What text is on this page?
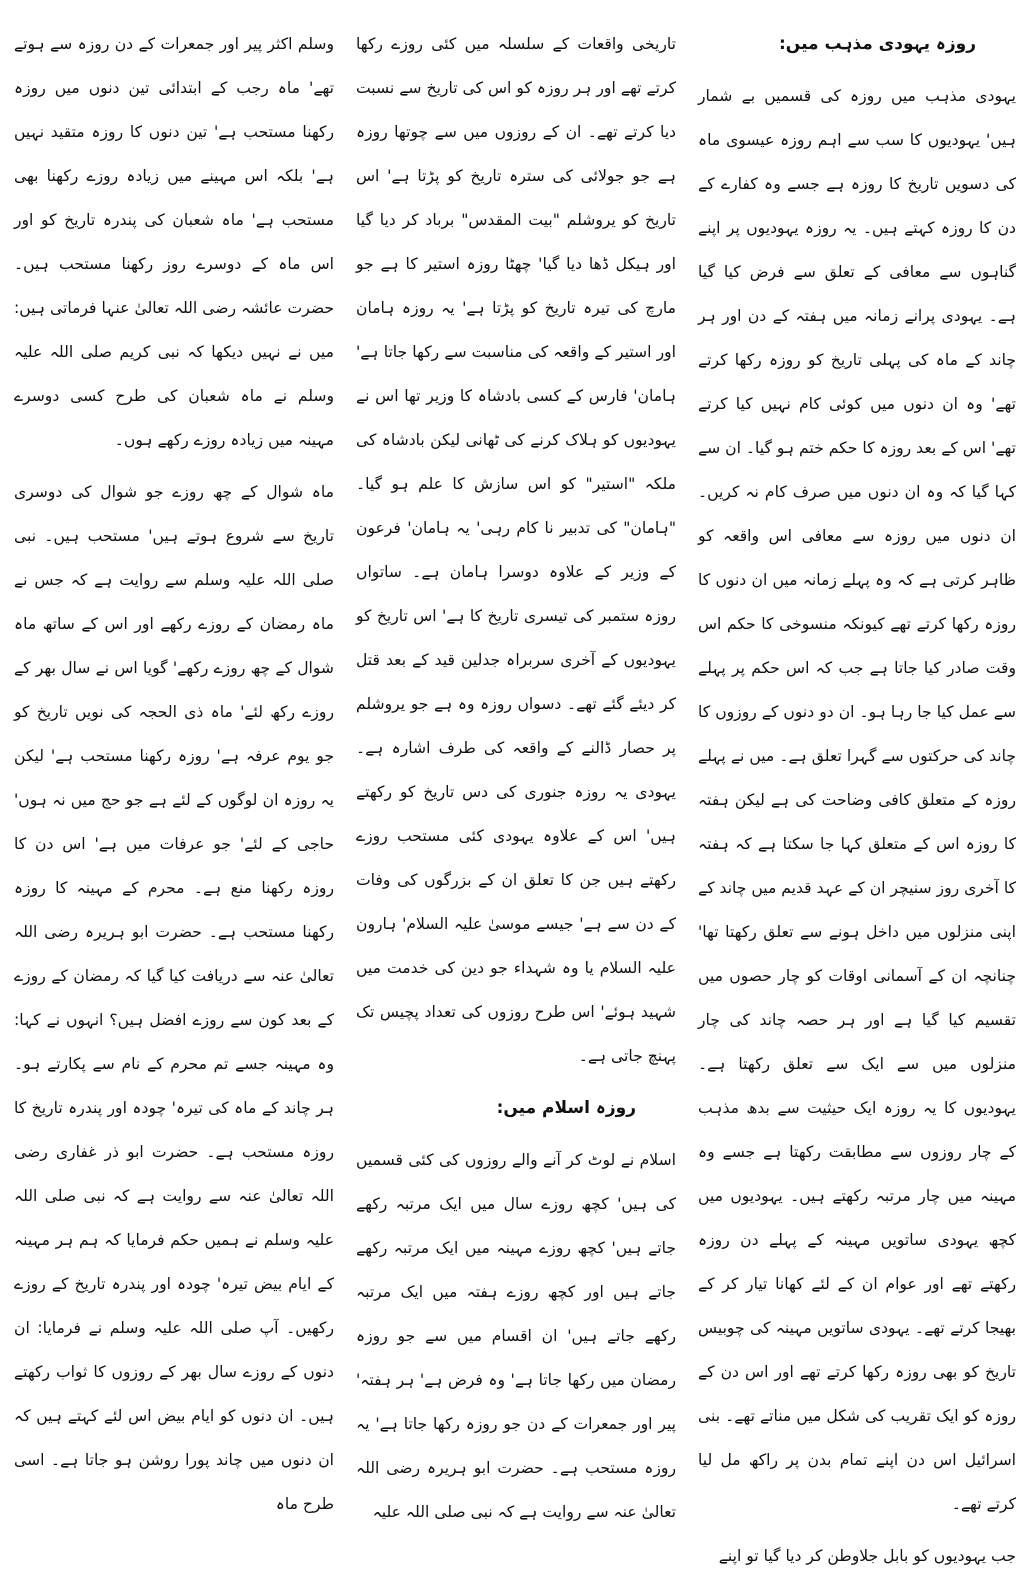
روزہ یہودی مذہب میں:

یہودی مذہب میں روزہ کی قسمیں بے شمار ہیں' یہودیوں کا سب سے اہم روزہ عیسوی ماہ کی دسویں تاریخ کا روزہ ہے جسے وہ کفارے کے دن کا روزہ کہتے ہیں۔ یہ روزہ یہودیوں پر اپنے گناہوں سے معافی کے تعلق سے فرض کیا گیا ہے۔ یہودی پرانے زمانہ میں ہفتہ کے دن اور ہر چاند کے ماہ کی پہلی تاریخ کو روزہ رکھا کرتے تھے' وہ ان دنوں میں کوئی کام نہیں کیا کرتے تھے' اس کے بعد روزہ کا حکم ختم ہو گیا۔ ان سے کہا گیا کہ وہ ان دنوں میں صرف کام نہ کریں۔ ان دنوں میں روزہ سے معافی اس واقعہ کو ظاہر کرتی ہے کہ وہ پہلے زمانہ میں ان دنوں کا روزہ رکھا کرتے تھے کیونکہ منسوخی کا حکم اس وقت صادر کیا جاتا ہے جب کہ اس حکم پر پہلے سے عمل کیا جا رہا ہو۔ ان دو دنوں کے روزوں کا چاند کی حرکتوں سے گہرا تعلق ہے۔ میں نے پہلے روزہ کے متعلق کافی وضاحت کی ہے لیکن ہفتہ کا روزہ اس کے متعلق کہا جا سکتا ہے کہ ہفتہ کا آخری روز سنیچر ان کے عہد قدیم میں چاند کے اپنی منزلوں میں داخل ہونے سے تعلق رکھتا تھا' چنانچہ ان کے آسمانی اوقات کو چار حصوں میں تقسیم کیا گیا ہے اور ہر حصہ چاند کی چار منزلوں میں سے ایک سے تعلق رکھتا ہے۔ یہودیوں کا یہ روزہ ایک حیثیت سے بدھ مذہب کے چار روزوں سے مطابقت رکھتا ہے جسے وہ مہینہ میں چار مرتبہ رکھتے ہیں۔ یہودیوں میں کچھ یہودی ساتویں مہینہ کے پہلے دن روزہ رکھتے تھے اور عوام ان کے لئے کھانا تیار کر کے بھیجا کرتے تھے۔ یہودی ساتویں مہینہ کی چوبیس تاریخ کو بھی روزہ رکھا کرتے تھے اور اس دن کے روزہ کو ایک تقریب کی شکل میں مناتے تھے۔ بنی اسرائیل اس دن اپنے تمام بدن پر راکھ مل لیا کرتے تھے۔

جب یہودیوں کو بابل جلاوطن کر دیا گیا تو اپنے

تاریخی واقعات کے سلسلہ میں کئی روزے رکھا کرتے تھے اور ہر روزہ کو اس کی تاریخ سے نسبت دیا کرتے تھے۔ ان کے روزوں میں سے چوتھا روزہ ہے جو جولائی کی سترہ تاریخ کو پڑتا ہے' اس تاریخ کو یروشلم "بیت المقدس" برباد کر دیا گیا اور ہیکل ڈھا دیا گیا' چھٹا روزہ استیر کا ہے جو مارچ کی تیرہ تاریخ کو پڑتا ہے' یہ روزہ ہامان اور استیر کے واقعہ کی مناسبت سے رکھا جاتا ہے' ہامان' فارس کے کسی بادشاہ کا وزیر تھا اس نے یہودیوں کو ہلاک کرنے کی ٹھانی لیکن بادشاہ کی ملکہ "استیر" کو اس سازش کا علم ہو گیا۔ "ہامان" کی تدبیر نا کام رہی' یہ ہامان' فرعون کے وزیر کے علاوہ دوسرا ہامان ہے۔ ساتواں روزہ ستمبر کی تیسری تاریخ کا ہے' اس تاریخ کو یہودیوں کے آخری سربراہ جدلین قید کے بعد قتل کر دیئے گئے تھے۔ دسواں روزہ وہ ہے جو یروشلم پر حصار ڈالنے کے واقعہ کی طرف اشارہ ہے۔ یہودی یہ روزہ جنوری کی دس تاریخ کو رکھتے ہیں' اس کے علاوہ یہودی کئی مستحب روزے رکھتے ہیں جن کا تعلق ان کے بزرگوں کی وفات کے دن سے ہے' جیسے موسیٰ علیہ السلام' ہارون علیہ السلام یا وہ شہداء جو دین کی خدمت میں شہید ہوئے' اس طرح روزوں کی تعداد پچیس تک پہنچ جاتی ہے۔

روزہ اسلام میں:

اسلام نے لوٹ کر آنے والے روزوں کی کئی قسمیں کی ہیں' کچھ روزے سال میں ایک مرتبہ رکھے جاتے ہیں' کچھ روزے مہینہ میں ایک مرتبہ رکھے جاتے ہیں اور کچھ روزے ہفتہ میں ایک مرتبہ رکھے جاتے ہیں' ان اقسام میں سے جو روزہ رمضان میں رکھا جاتا ہے' وہ فرض ہے' ہر ہفتہ' پیر اور جمعرات کے دن جو روزہ رکھا جاتا ہے' یہ روزہ مستحب ہے۔ حضرت ابو ہریرہ رضی اللہ تعالیٰ عنہ سے روایت ہے کہ نبی صلی اللہ علیہ

وسلم اکثر پیر اور جمعرات کے دن روزہ سے ہوتے تھے' ماہ رجب کے ابتدائی تین دنوں میں روزہ رکھنا مستحب ہے' تین دنوں کا روزہ متقید نہیں ہے' بلکہ اس مہینے میں زیادہ روزے رکھنا بھی مستحب ہے' ماہ شعبان کی پندرہ تاریخ کو اور اس ماہ کے دوسرے روز رکھنا مستحب ہیں۔ حضرت عائشہ رضی اللہ تعالیٰ عنہا فرماتی ہیں: میں نے نہیں دیکھا کہ نبی کریم صلی اللہ علیہ وسلم نے ماہ شعبان کی طرح کسی دوسرے مہینہ میں زیادہ روزے رکھے ہوں۔

ماہ شوال کے چھ روزے جو شوال کی دوسری تاریخ سے شروع ہوتے ہیں' مستحب ہیں۔ نبی صلی اللہ علیہ وسلم سے روایت ہے کہ جس نے ماہ رمضان کے روزے رکھے اور اس کے ساتھ ماہ شوال کے چھ روزے رکھے' گویا اس نے سال بھر کے روزے رکھ لئے' ماہ ذی الحجہ کی نویں تاریخ کو جو یوم عرفہ ہے' روزہ رکھنا مستحب ہے' لیکن یہ روزہ ان لوگوں کے لئے ہے جو حج میں نہ ہوں' حاجی کے لئے' جو عرفات میں ہے' اس دن کا روزہ رکھنا منع ہے۔ محرم کے مہینہ کا روزہ رکھنا مستحب ہے۔ حضرت ابو ہریرہ رضی اللہ تعالیٰ عنہ سے دریافت کیا گیا کہ رمضان کے روزے کے بعد کون سے روزے افضل ہیں؟ انہوں نے کہا: وہ مہینہ جسے تم محرم کے نام سے پکارتے ہو۔ ہر چاند کے ماہ کی تیرہ' چودہ اور پندرہ تاریخ کا روزہ مستحب ہے۔ حضرت ابو ذر غفاری رضی اللہ تعالیٰ عنہ سے روایت ہے کہ نبی صلی اللہ علیہ وسلم نے ہمیں حکم فرمایا کہ ہم ہر مہینہ کے ایام بیض تیرہ' چودہ اور پندرہ تاریخ کے روزے رکھیں۔ آپ صلی اللہ علیہ وسلم نے فرمایا: ان دنوں کے روزے سال بھر کے روزوں کا ثواب رکھتے ہیں۔ ان دنوں کو ایام بیض اس لئے کہتے ہیں کہ ان دنوں میں چاند پورا روشن ہو جاتا ہے۔ اسی طرح ماہ
